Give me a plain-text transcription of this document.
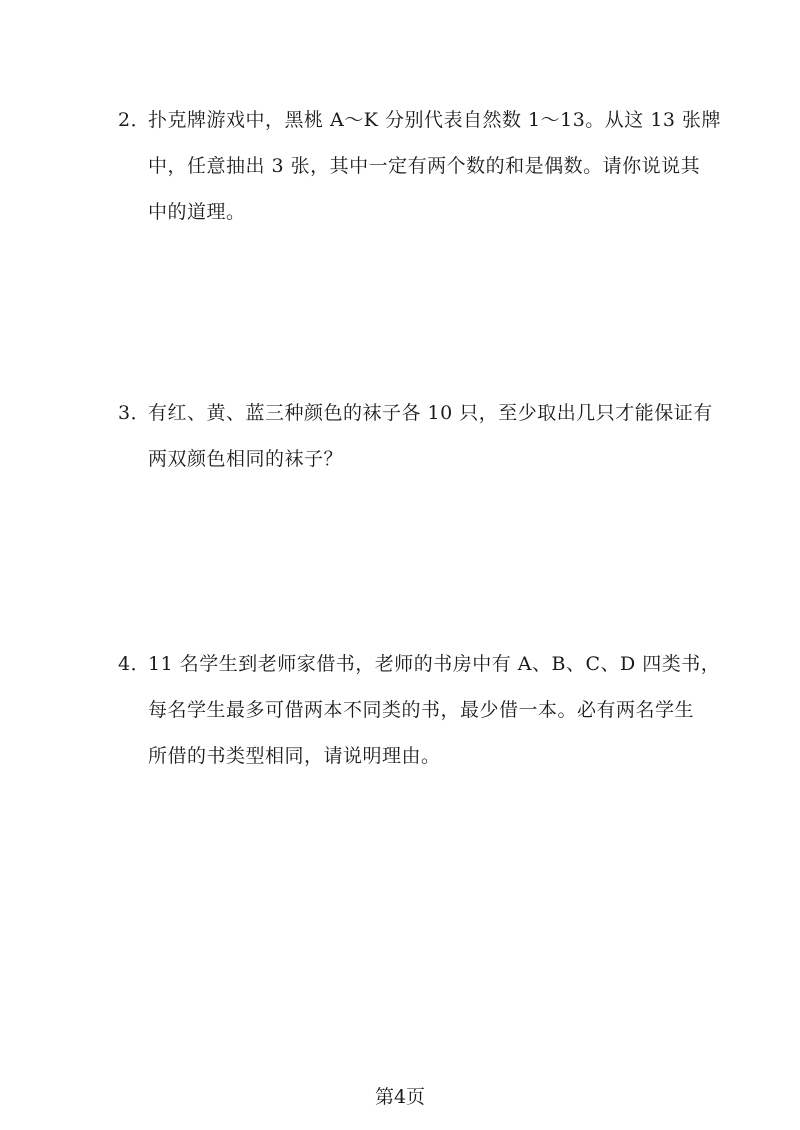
2．扑克牌游戏中，黑桃 A～K 分别代表自然数 1～13。从这 13 张牌
中，任意抽出 3 张，其中一定有两个数的和是偶数。请你说说其
中的道理。
3．有红、黄、蓝三种颜色的袜子各 10 只，至少取出几只才能保证有
两双颜色相同的袜子？
4．11 名学生到老师家借书，老师的书房中有 A、B、C、D 四类书，
每名学生最多可借两本不同类的书，最少借一本。必有两名学生
所借的书类型相同，请说明理由。
第4页
